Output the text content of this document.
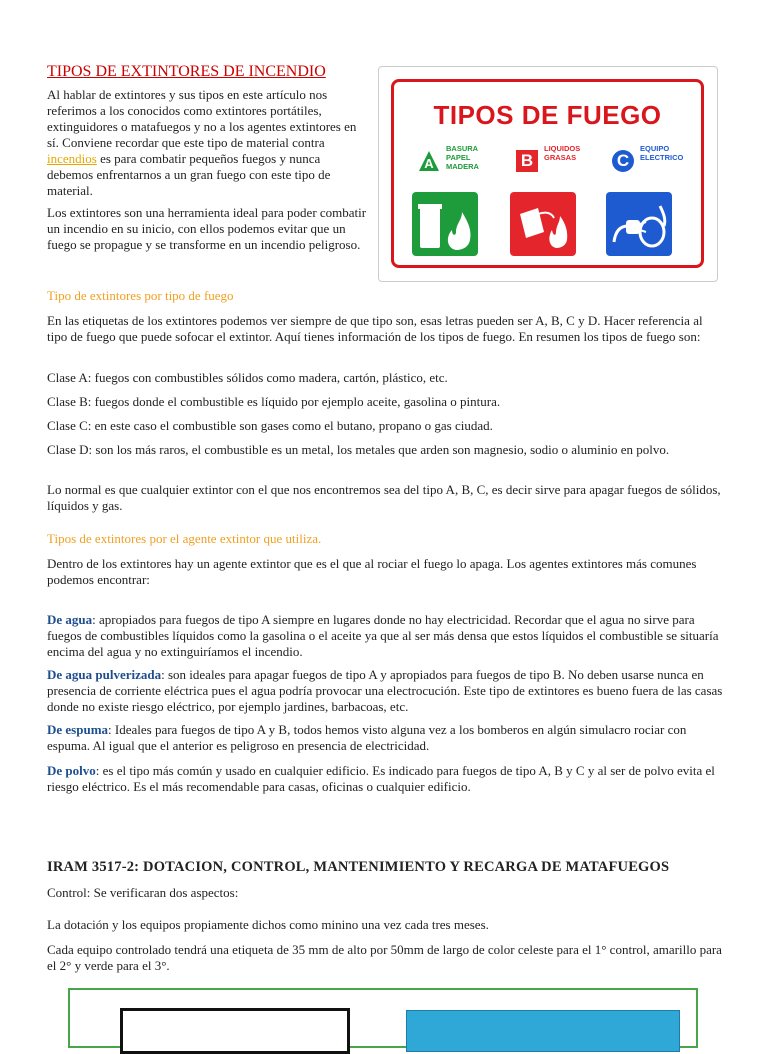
TIPOS DE EXTINTORES DE INCENDIO

Al hablar de extintores y sus tipos en este artículo nos referimos a los conocidos como extintores portátiles, extinguidores o matafuegos y no a los agentes extintores en sí. Conviene recordar que este tipo de material contra incendios es para combatir pequeños fuegos y nunca debemos enfrentarnos a un gran fuego con este tipo de material.

Los extintores son una herramienta ideal para poder combatir un incendio en su inicio, con ellos podemos evitar que un fuego se propague y se transforme en un incendio peligroso.

TIPOS DE FUEGO
A
BASURA
PAPEL
MADERA	B
LIQUIDOS
GRASAS	C
EQUIPO
ELECTRICO

Tipo de extintores por tipo de fuego

En las etiquetas de los extintores podemos ver siempre de que tipo son, esas letras pueden ser A, B, C y D. Hacer referencia al tipo de fuego que puede sofocar el extintor. Aquí tienes información de los tipos de fuego. En resumen los tipos de fuego son:

Clase A: fuegos con combustibles sólidos como madera, cartón, plástico, etc.

Clase B: fuegos donde el combustible es líquido por ejemplo aceite, gasolina o pintura.

Clase C: en este caso el combustible son gases como el butano, propano o gas ciudad.

Clase D: son los más raros, el combustible es un metal, los metales que arden son magnesio, sodio o aluminio en polvo.

Lo normal es que cualquier extintor con el que nos encontremos sea del tipo A, B, C, es decir sirve para apagar fuegos de sólidos, líquidos y gas.

Tipos de extintores por el agente extintor que utiliza.

Dentro de los extintores hay un agente extintor que es el que al rociar el fuego lo apaga. Los agentes extintores más comunes podemos encontrar:

De agua: apropiados para fuegos de tipo A siempre en lugares donde no hay electricidad. Recordar que el agua no sirve para fuegos de combustibles líquidos como la gasolina o el aceite ya que al ser más densa que estos líquidos el combustible se situaría encima del agua y no extinguiríamos el incendio.

De agua pulverizada: son ideales para apagar fuegos de tipo A y apropiados para fuegos de tipo B. No deben usarse nunca en presencia de corriente eléctrica pues el agua podría provocar una electrocución. Este tipo de extintores es bueno fuera de las casas donde no existe riesgo eléctrico, por ejemplo jardines, barbacoas, etc.

De espuma: Ideales para fuegos de tipo A y B, todos hemos visto alguna vez a los bomberos en algún simulacro rociar con espuma. Al igual que el anterior es peligroso en presencia de electricidad.

De polvo: es el tipo más común y usado en cualquier edificio. Es indicado para fuegos de tipo A, B y C y al ser de polvo evita el riesgo eléctrico. Es el más recomendable para casas, oficinas o cualquier edificio.

IRAM 3517-2: DOTACION, CONTROL, MANTENIMIENTO Y RECARGA DE MATAFUEGOS

Control: Se verificaran dos aspectos:

La dotación y los equipos propiamente dichos como minino una vez cada tres meses.

Cada equipo controlado tendrá una etiqueta de 35 mm de alto por 50mm de largo de color celeste para el 1° control, amarillo para el 2° y verde para el 3°.
